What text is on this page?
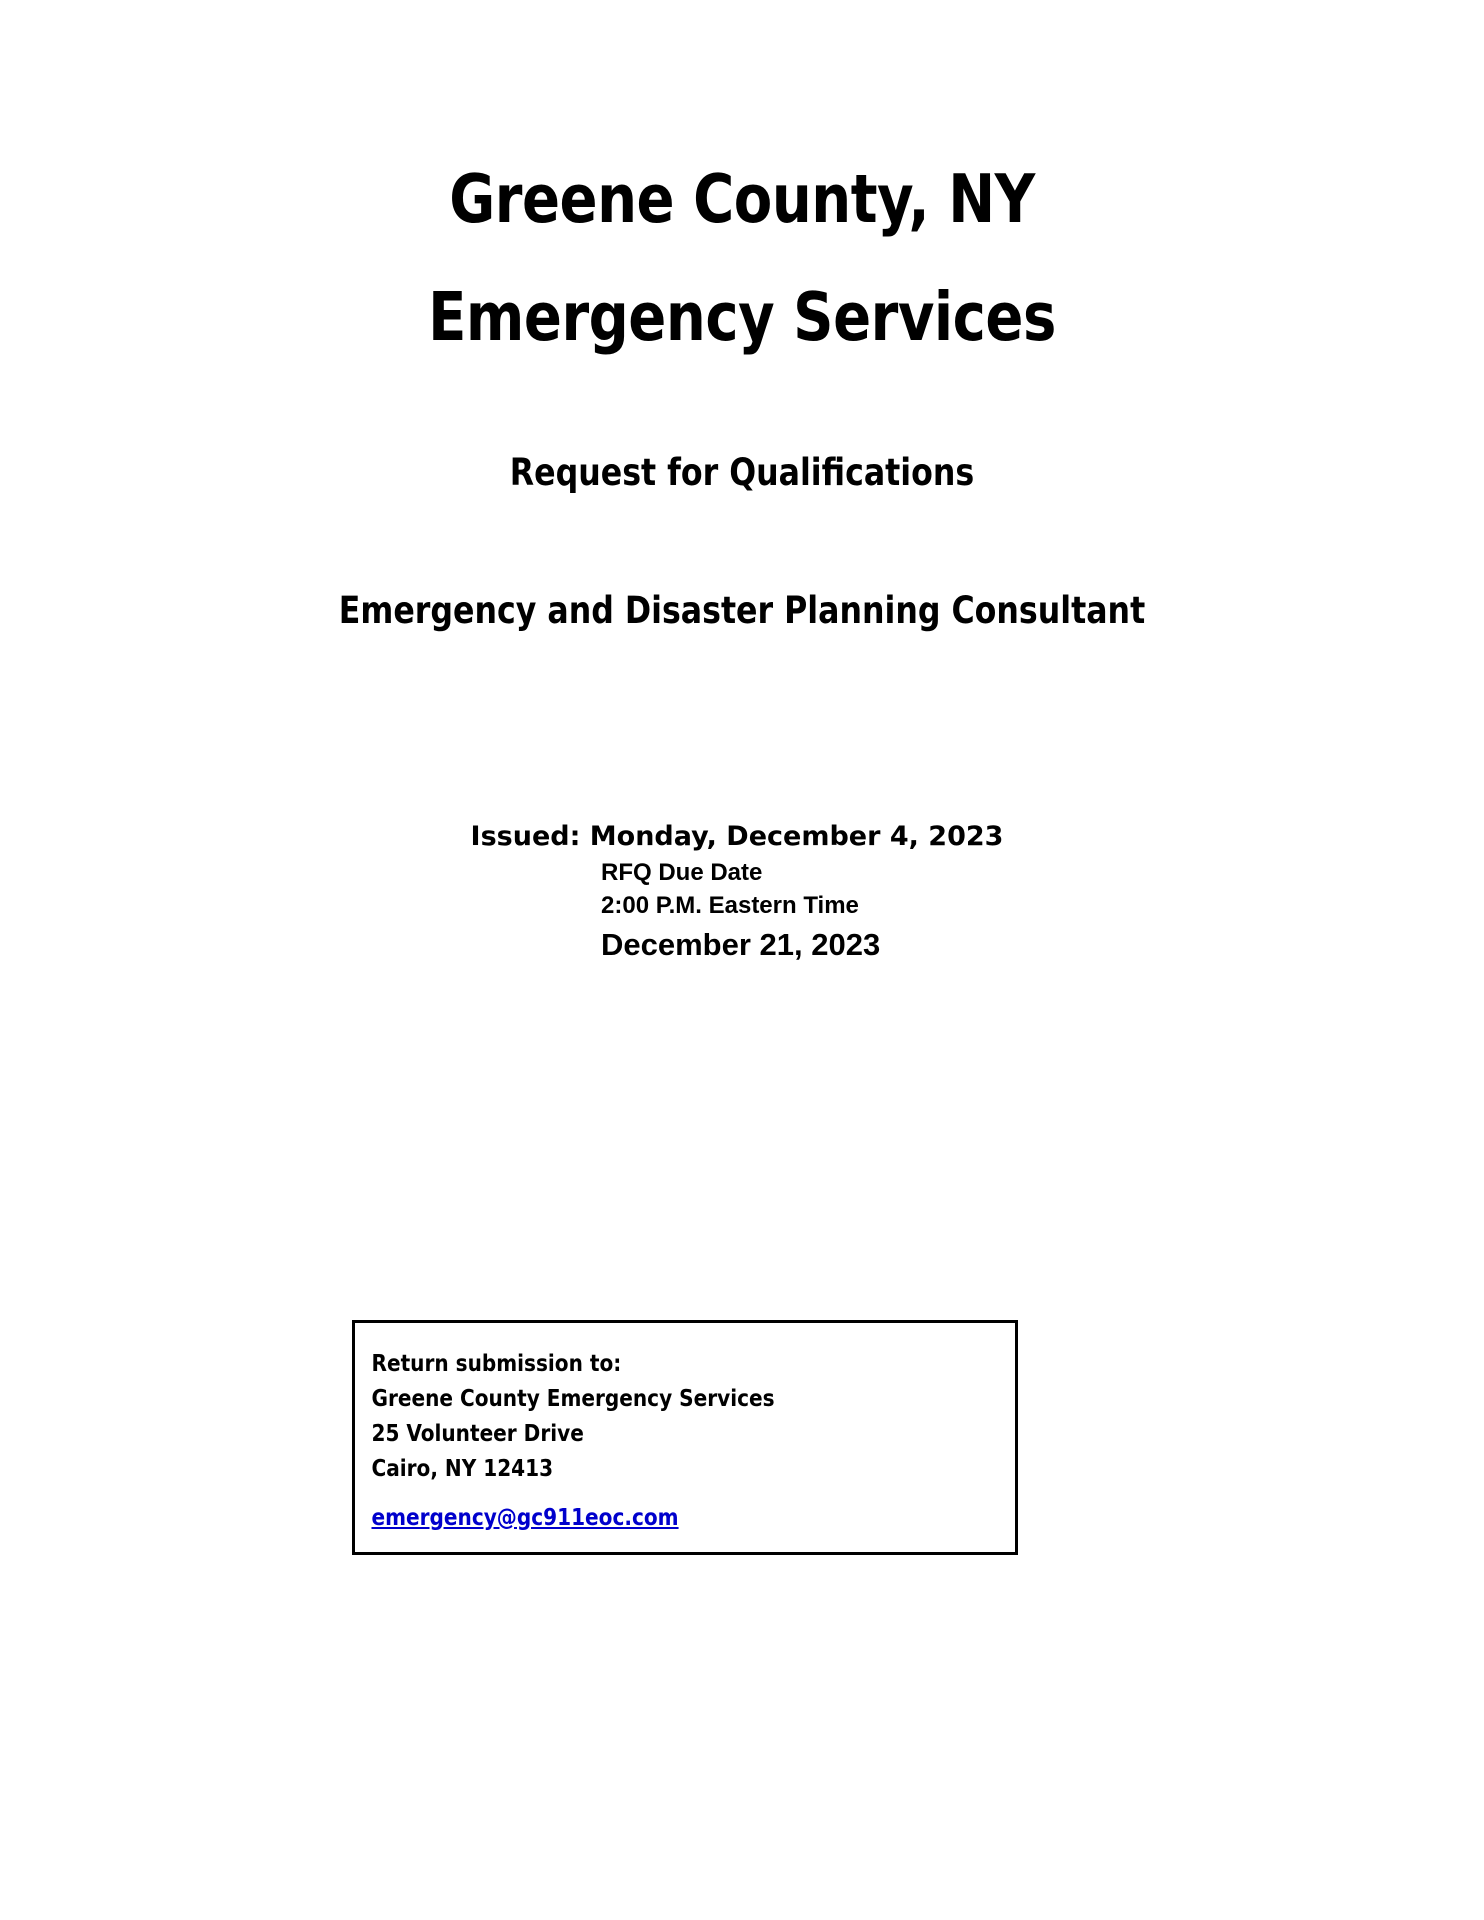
Greene County, NY
Emergency Services
Request for Qualifications
Emergency and Disaster Planning Consultant
Issued: Monday, December 4, 2023
RFQ Due Date
2:00 P.M. Eastern Time
December 21, 2023
Return submission to:
Greene County Emergency Services
25 Volunteer Drive
Cairo, NY 12413
emergency@gc911eoc.com
